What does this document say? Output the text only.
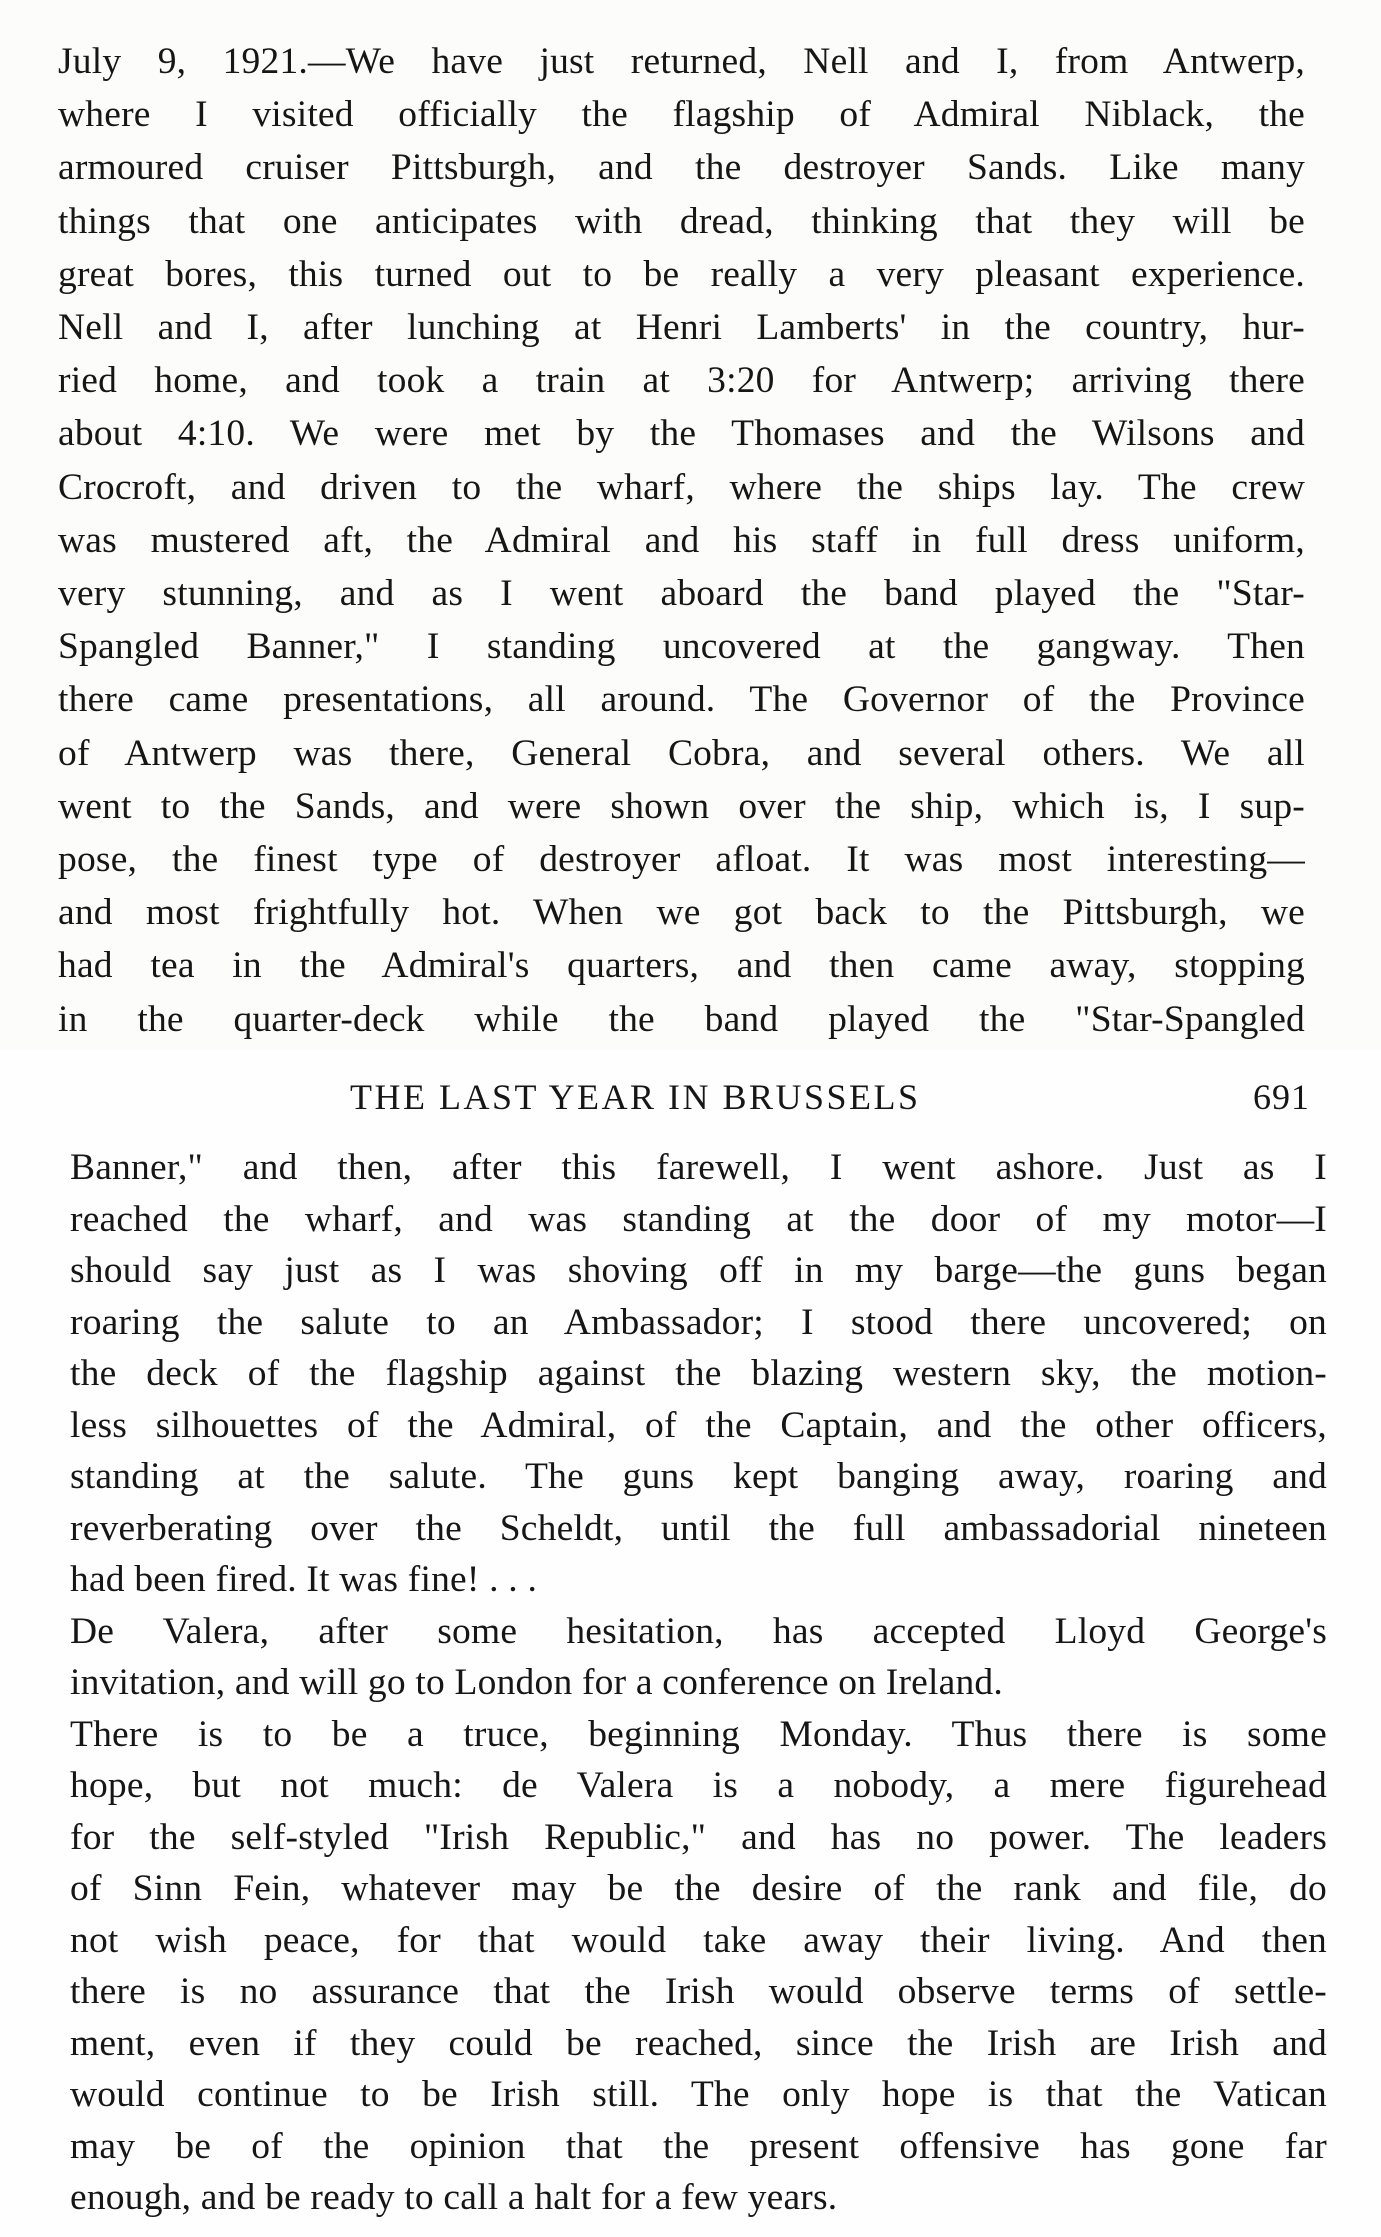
THE LAST YEAR IN BRUSSELS	691
July 9, 1921.—We have just returned, Nell and I, from Antwerp,
where I visited officially the flagship of Admiral Niblack, the
armoured cruiser Pittsburgh, and the destroyer Sands. Like many
things that one anticipates with dread, thinking that they will be
great bores, this turned out to be really a very pleasant experience.
Nell and I, after lunching at Henri Lamberts' in the country, hur-
ried home, and took a train at 3:20 for Antwerp; arriving there
about 4:10. We were met by the Thomases and the Wilsons and
Crocroft, and driven to the wharf, where the ships lay. The crew
was mustered aft, the Admiral and his staff in full dress uniform,
very stunning, and as I went aboard the band played the "Star-
Spangled Banner," I standing uncovered at the gangway. Then
there came presentations, all around. The Governor of the Province
of Antwerp was there, General Cobra, and several others. We all
went to the Sands, and were shown over the ship, which is, I sup-
pose, the finest type of destroyer afloat. It was most interesting—
and most frightfully hot. When we got back to the Pittsburgh, we
had tea in the Admiral's quarters, and then came away, stopping
in the quarter-deck while the band played the "Star-Spangled
Banner," and then, after this farewell, I went ashore. Just as I
reached the wharf, and was standing at the door of my motor—I
should say just as I was shoving off in my barge—the guns began
roaring the salute to an Ambassador; I stood there uncovered; on
the deck of the flagship against the blazing western sky, the motion-
less silhouettes of the Admiral, of the Captain, and the other officers,
standing at the salute. The guns kept banging away, roaring and
reverberating over the Scheldt, until the full ambassadorial nineteen
had been fired. It was fine! . . .
De Valera, after some hesitation, has accepted Lloyd George's
invitation, and will go to London for a conference on Ireland.
There is to be a truce, beginning Monday. Thus there is some
hope, but not much: de Valera is a nobody, a mere figurehead
for the self-styled "Irish Republic," and has no power. The leaders
of Sinn Fein, whatever may be the desire of the rank and file, do
not wish peace, for that would take away their living. And then
there is no assurance that the Irish would observe terms of settle-
ment, even if they could be reached, since the Irish are Irish and
would continue to be Irish still. The only hope is that the Vatican
may be of the opinion that the present offensive has gone far
enough, and be ready to call a halt for a few years.
